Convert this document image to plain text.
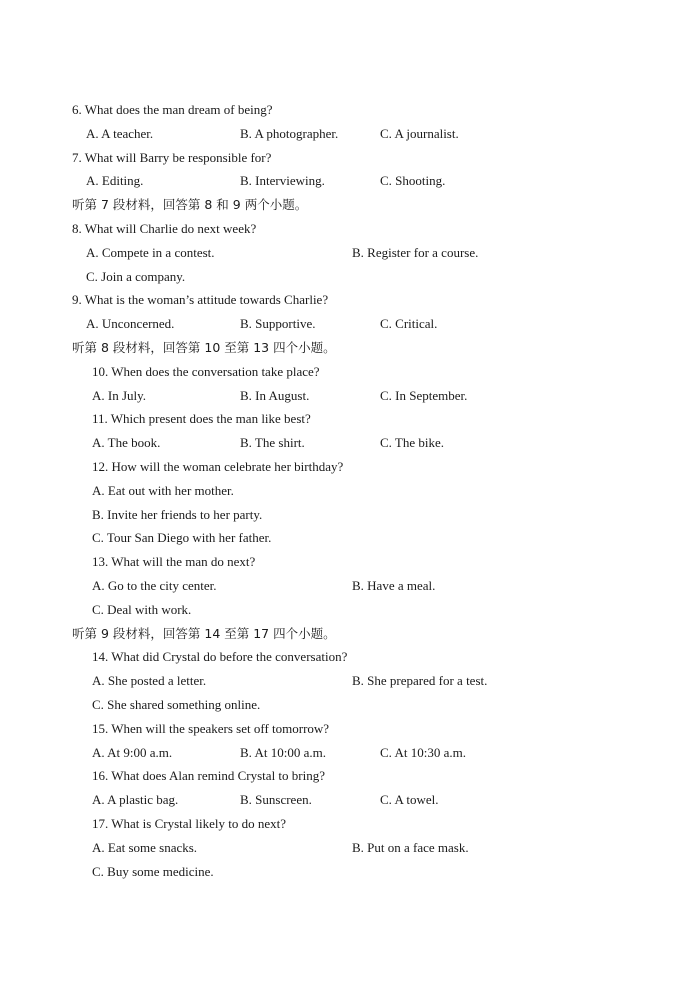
6. What does the man dream of being?
A. A teacher.	B. A photographer.	C. A journalist.
7. What will Barry be responsible for?
A. Editing.	B. Interviewing.	C. Shooting.
听第 7 段材料，回答第 8 和 9 两个小题。
8. What will Charlie do next week?
A. Compete in a contest.	B. Register for a course.
C. Join a company.
9. What is the woman’s attitude towards Charlie?
A. Unconcerned.	B. Supportive.	C. Critical.
听第 8 段材料，回答第 10 至第 13 四个小题。
10. When does the conversation take place?
A. In July.	B. In August.	C. In September.
11. Which present does the man like best?
A. The book.	B. The shirt.	C. The bike.
12. How will the woman celebrate her birthday?
A. Eat out with her mother.
B. Invite her friends to her party.
C. Tour San Diego with her father.
13. What will the man do next?
A. Go to the city center.	B. Have a meal.
C. Deal with work.
听第 9 段材料，回答第 14 至第 17 四个小题。
14. What did Crystal do before the conversation?
A. She posted a letter.	B. She prepared for a test.
C. She shared something online.
15. When will the speakers set off tomorrow?
A. At 9:00 a.m.	B. At 10:00 a.m.	C. At 10:30 a.m.
16. What does Alan remind Crystal to bring?
A. A plastic bag.	B. Sunscreen.	C. A towel.
17. What is Crystal likely to do next?
A. Eat some snacks.	B. Put on a face mask.
C. Buy some medicine.
